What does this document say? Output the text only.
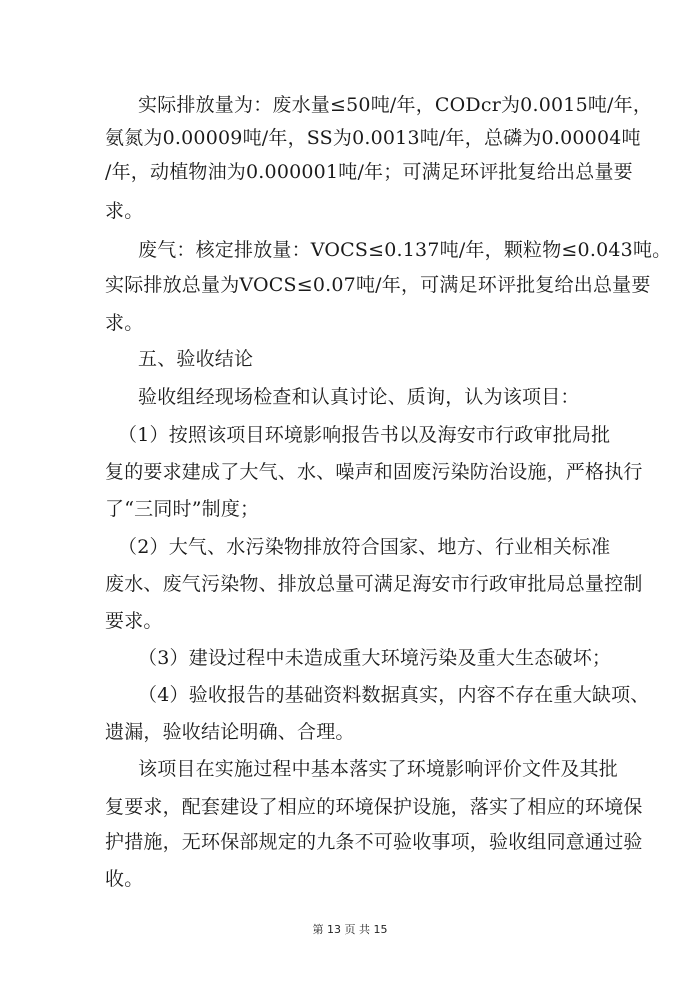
实际排放量为：废水量≤50吨/年，CODcr为0.0015吨/年，
氨氮为0.00009吨/年，SS为0.0013吨/年，总磷为0.00004吨
/年，动植物油为0.000001吨/年；可满足环评批复给出总量要
求。
废气：核定排放量：VOCS≤0.137吨/年，颗粒物≤0.043吨。
实际排放总量为VOCS≤0.07吨/年，可满足环评批复给出总量要
求。
五、验收结论
验收组经现场检查和认真讨论、质询，认为该项目：
（1）按照该项目环境影响报告书以及海安市行政审批局批
复的要求建成了大气、水、噪声和固废污染防治设施，严格执行
了“三同时”制度；
（2）大气、水污染物排放符合国家、地方、行业相关标准
废水、废气污染物、排放总量可满足海安市行政审批局总量控制
要求。
（3）建设过程中未造成重大环境污染及重大生态破坏；
（4）验收报告的基础资料数据真实，内容不存在重大缺项、
遗漏，验收结论明确、合理。
该项目在实施过程中基本落实了环境影响评价文件及其批
复要求，配套建设了相应的环境保护设施，落实了相应的环境保
护措施，无环保部规定的九条不可验收事项，验收组同意通过验
收。
第 13 页 共 15
